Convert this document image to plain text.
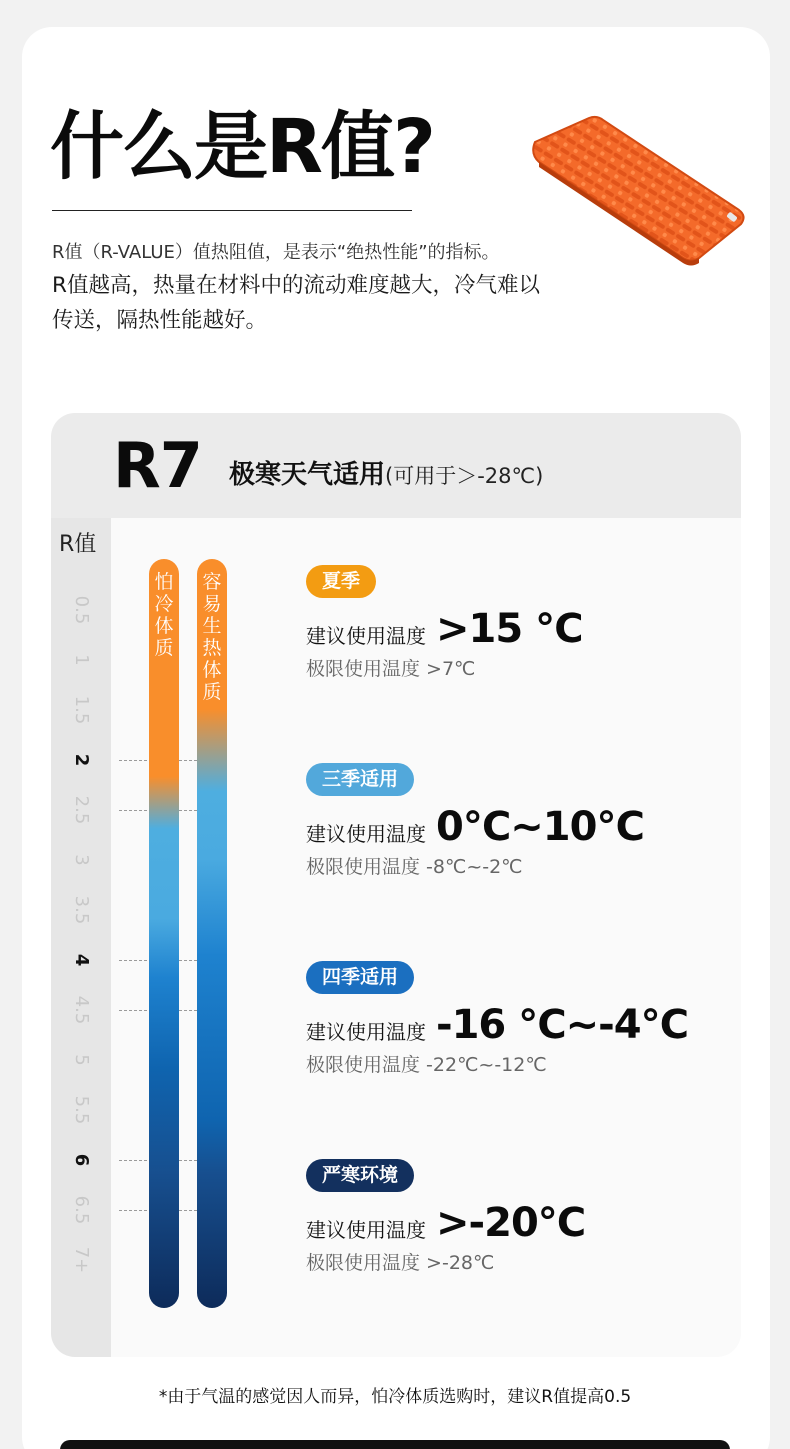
什么是R值?
R值（R-VALUE）值热阻值，是表示“绝热性能”的指标。
R值越高，热量在材料中的流动难度越大，冷气难以
传送，隔热性能越好。
R7 极寒天气适用(可用于＞-28℃)
R值
0.5
1
1.5
2
2.5
3
3.5
4
4.5
5
5.5
6
6.5
7+
怕
冷
体
质
容
易
生
热
体
质
夏季
建议使用温度 >15 ℃
极限使用温度 >7℃
三季适用
建议使用温度 0℃~10℃
极限使用温度 -8℃~-2℃
四季适用
建议使用温度 -16 ℃~-4℃
极限使用温度 -22℃~-12℃
严寒环境
建议使用温度 >-20℃
极限使用温度 >-28℃
*由于气温的感觉因人而异，怕冷体质选购时，建议R值提高0.5
